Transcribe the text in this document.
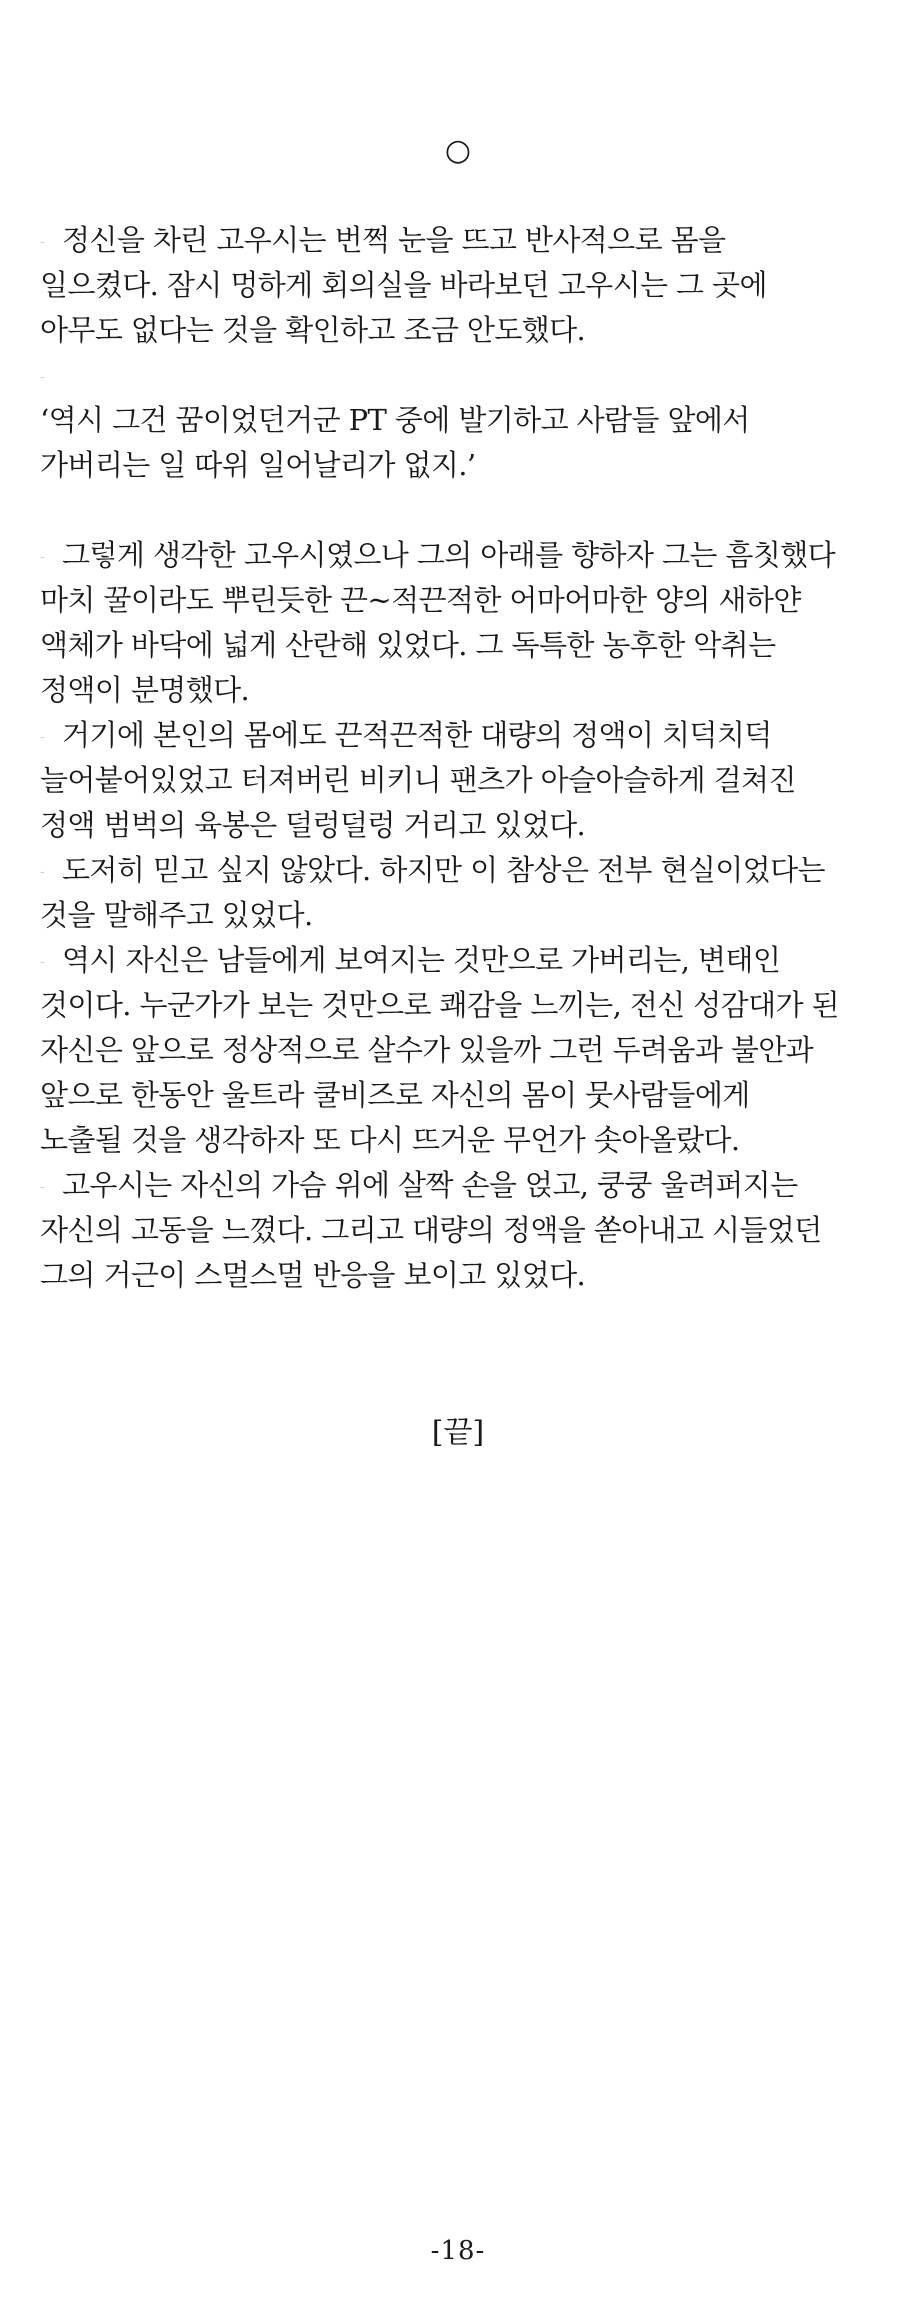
○
- 정신을 차린 고우시는 번쩍 눈을 뜨고 반사적으로 몸을
일으켰다. 잠시 멍하게 회의실을 바라보던 고우시는 그 곳에
아무도 없다는 것을 확인하고 조금 안도했다.
-
‘역시 그건 꿈이었던거군 PT 중에 발기하고 사람들 앞에서
가버리는 일 따위 일어날리가 없지.’
- 그렇게 생각한 고우시였으나 그의 아래를 향하자 그는 흠칫했다
마치 꿀이라도 뿌린듯한 끈~적끈적한 어마어마한 양의 새하얀
액체가 바닥에 넓게 산란해 있었다. 그 독특한 농후한 악취는
정액이 분명했다.
- 거기에 본인의 몸에도 끈적끈적한 대량의 정액이 치덕치덕
늘어붙어있었고 터져버린 비키니 팬츠가 아슬아슬하게 걸쳐진
정액 범벅의 육봉은 덜렁덜렁 거리고 있었다.
- 도저히 믿고 싶지 않았다. 하지만 이 참상은 전부 현실이었다는
것을 말해주고 있었다.
- 역시 자신은 남들에게 보여지는 것만으로 가버리는, 변태인
것이다. 누군가가 보는 것만으로 쾌감을 느끼는, 전신 성감대가 된
자신은 앞으로 정상적으로 살수가 있을까 그런 두려움과 불안과
앞으로 한동안 울트라 쿨비즈로 자신의 몸이 뭇사람들에게
노출될 것을 생각하자 또 다시 뜨거운 무언가 솟아올랐다.
- 고우시는 자신의 가슴 위에 살짝 손을 얹고, 쿵쿵 울려퍼지는
자신의 고동을 느꼈다. 그리고 대량의 정액을 쏟아내고 시들었던
그의 거근이 스멀스멀 반응을 보이고 있었다.
[끝]
-18-
